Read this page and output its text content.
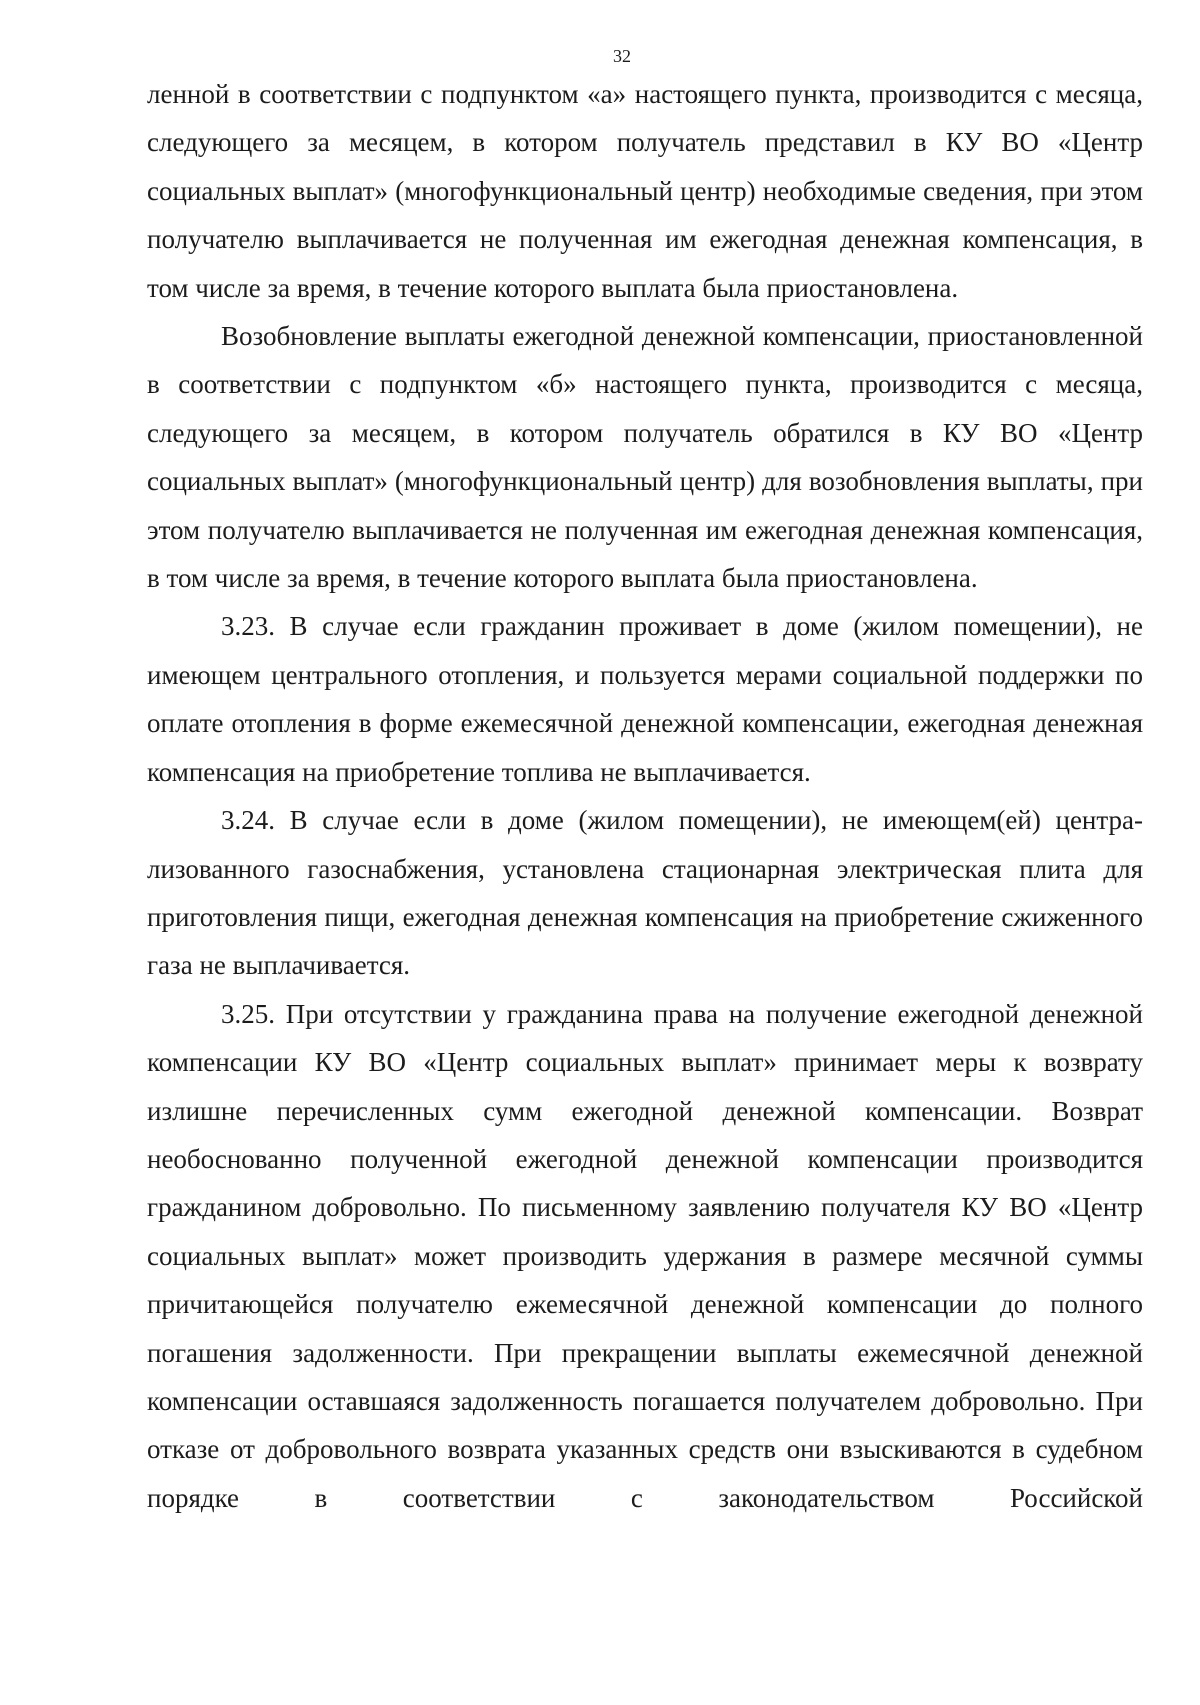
32

ленной в соответствии с подпунктом «а» настоящего пункта, производится с месяца, следующего за месяцем, в котором получатель представил в КУ ВО «Центр социальных выплат» (многофункциональный центр) необходимые сведения, при этом получателю выплачивается не полученная им ежегодная денежная компенсация, в том числе за время, в течение которого выплата была приостановлена.

Возобновление выплаты ежегодной денежной компенсации, приостановленной в соответствии с подпунктом «б» настоящего пункта, производится с месяца, следующего за месяцем, в котором получатель обратился в КУ ВО «Центр социальных выплат» (многофункциональный центр) для возобновления выплаты, при этом получателю выплачивается не полученная им ежегодная денежная компенсация, в том числе за время, в течение которого выплата была приостановлена.

3.23. В случае если гражданин проживает в доме (жилом помещении), не имеющем центрального отопления, и пользуется мерами социальной поддержки по оплате отопления в форме ежемесячной денежной компенсации, ежегодная денежная компенсация на приобретение топлива не выплачивается.

3.24. В случае если в доме (жилом помещении), не имеющем(ей) централизованного газоснабжения, установлена стационарная электрическая плита для приготовления пищи, ежегодная денежная компенсация на приобретение сжиженного газа не выплачивается.

3.25. При отсутствии у гражданина права на получение ежегодной денежной компенсации КУ ВО «Центр социальных выплат» принимает меры к возврату излишне перечисленных сумм ежегодной денежной компенсации. Возврат необоснованно полученной ежегодной денежной компенсации производится гражданином добровольно. По письменному заявлению получателя КУ ВО «Центр социальных выплат» может производить удержания в размере месячной суммы причитающейся получателю ежемесячной денежной компенсации до полного погашения задолженности. При прекращении выплаты ежемесячной денежной компенсации оставшаяся задолженность погашается получателем добровольно. При отказе от добровольного возврата указанных средств они взыскиваются в судебном порядке в соответствии с законодательством Российской
